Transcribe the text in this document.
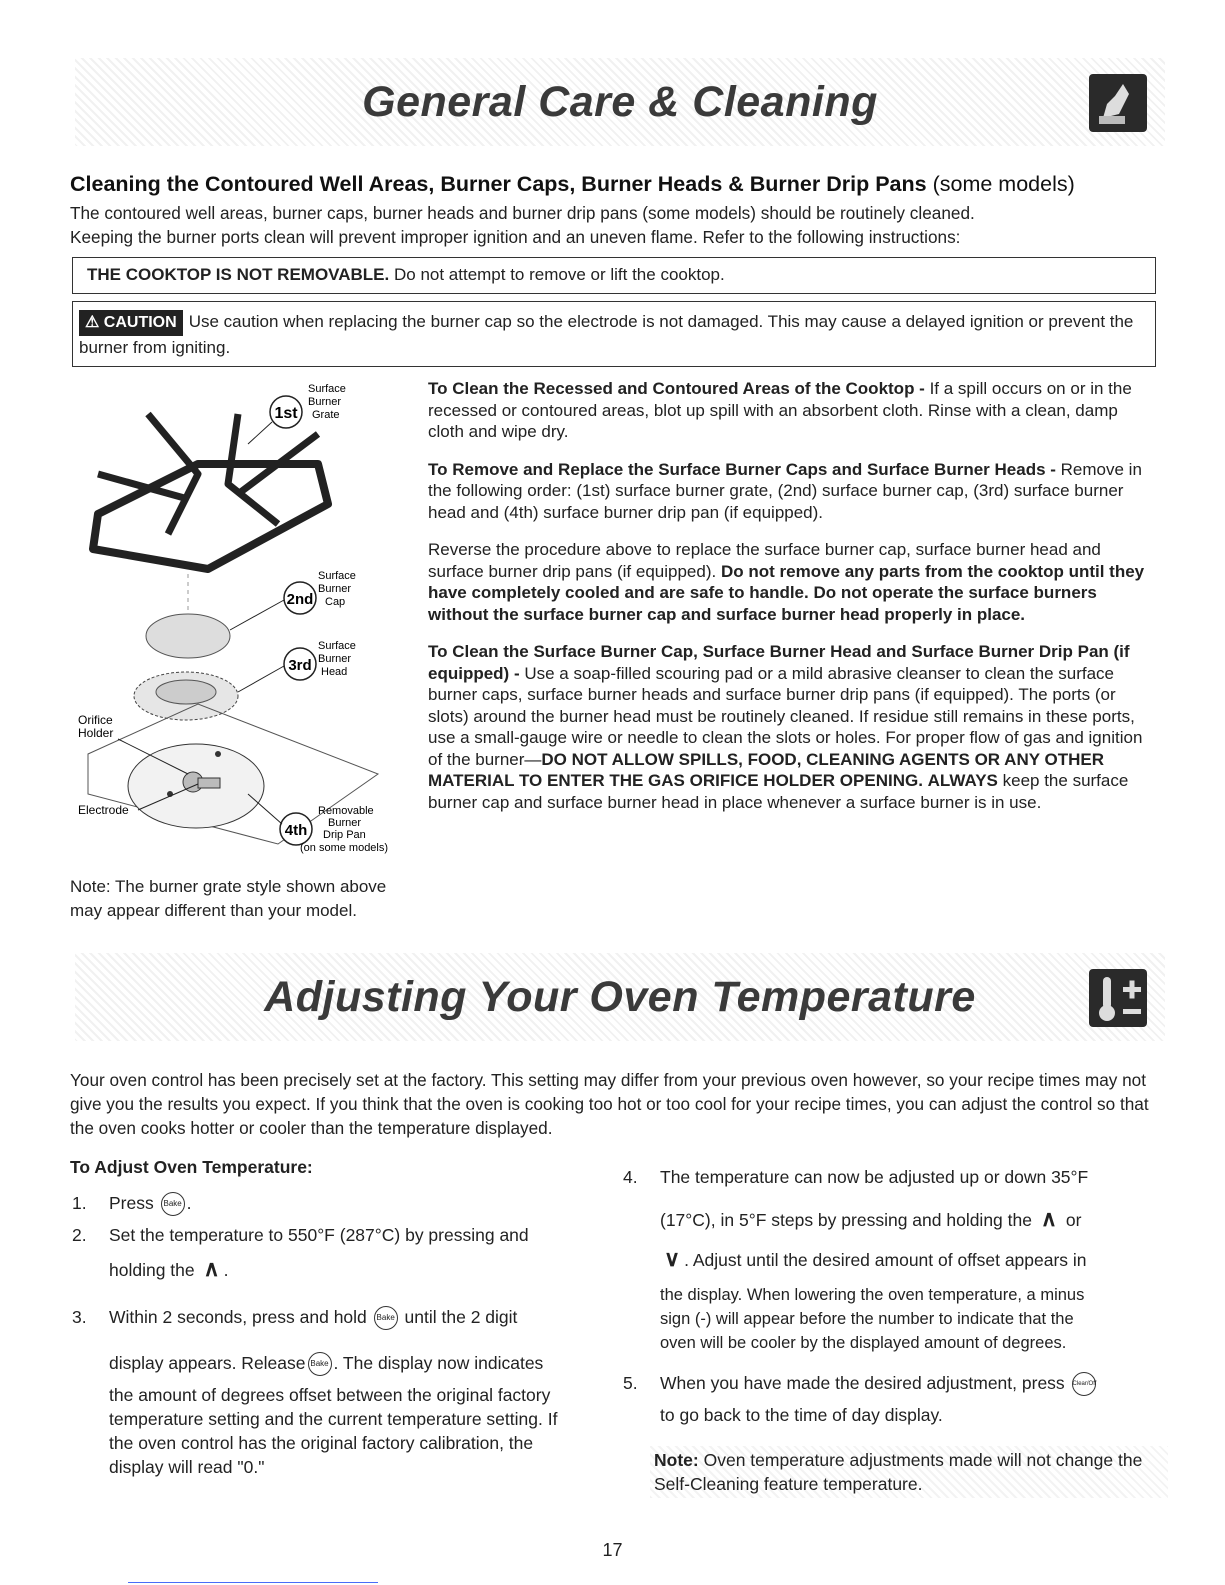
General Care & Cleaning
Cleaning the Contoured Well Areas, Burner Caps, Burner Heads & Burner Drip Pans (some models)

The contoured well areas, burner caps, burner heads and burner drip pans (some models) should be routinely cleaned.

Keeping the burner ports clean will prevent improper ignition and an uneven flame. Refer to the following instructions:

THE COOKTOP IS NOT REMOVABLE. Do not attempt to remove or lift the cooktop.
⚠ CAUTION Use caution when replacing the burner cap so the electrode is not damaged. This may cause a delayed ignition or prevent the burner from igniting.
1st
Surface
Burner
Grate
2nd
Surface
Burner
Cap
3rd
Surface
Burner
Head
Orifice
Holder
Electrode
4th
Removable
Burner
Drip Pan
(on some models)
Note: The burner grate style shown above may appear different than your model.

To Clean the Recessed and Contoured Areas of the Cooktop - If a spill occurs on or in the recessed or contoured areas, blot up spill with an absorbent cloth. Rinse with a clean, damp cloth and wipe dry.

To Remove and Replace the Surface Burner Caps and Surface Burner Heads - Remove in the following order: (1st) surface burner grate, (2nd) surface burner cap, (3rd) surface burner head and (4th) surface burner drip pan (if equipped).

Reverse the procedure above to replace the surface burner cap, surface burner head and surface burner drip pans (if equipped). Do not remove any parts from the cooktop until they have completely cooled and are safe to handle. Do not operate the surface burners without the surface burner cap and surface burner head properly in place.

To Clean the Surface Burner Cap, Surface Burner Head and Surface Burner Drip Pan (if equipped) - Use a soap-filled scouring pad or a mild abrasive cleanser to clean the surface burner caps, surface burner heads and surface burner drip pans (if equipped). The ports (or slots) around the burner head must be routinely cleaned. If residue still remains in these ports, use a small-gauge wire or needle to clean the slots or holes. For proper flow of gas and ignition of the burner—DO NOT ALLOW SPILLS, FOOD, CLEANING AGENTS OR ANY OTHER MATERIAL TO ENTER THE GAS ORIFICE HOLDER OPENING. ALWAYS keep the surface burner cap and surface burner head in place whenever a surface burner is in use.

Adjusting Your Oven Temperature

Your oven control has been precisely set at the factory. This setting may differ from your previous oven however, so your recipe times may not give you the results you expect. If you think that the oven is cooking too hot or too cool for your recipe times, you can adjust the control so that the oven cooks hotter or cooler than the temperature displayed.

To Adjust Oven Temperature:
1. Press Bake .
2. Set the temperature to 550°F (287°C) by pressing and
holding the ∧ .
3. Within 2 seconds, press and hold Bake until the 2 digit
display appears. Release Bake . The display now indicates
the amount of degrees offset between the original factory
temperature setting and the current temperature setting. If
the oven control has the original factory calibration, the
display will read "0."
4. The temperature can now be adjusted up or down 35°F
(17°C), in 5°F steps by pressing and holding the ∧ or
∨ . Adjust until the desired amount of offset appears in
the display. When lowering the oven temperature, a minus
sign (-) will appear before the number to indicate that the
oven will be cooler by the displayed amount of degrees.
5. When you have made the desired adjustment, press Clear/Off
to go back to the time of day display.
Note: Oven temperature adjustments made will not change the Self-Cleaning feature temperature.
17
